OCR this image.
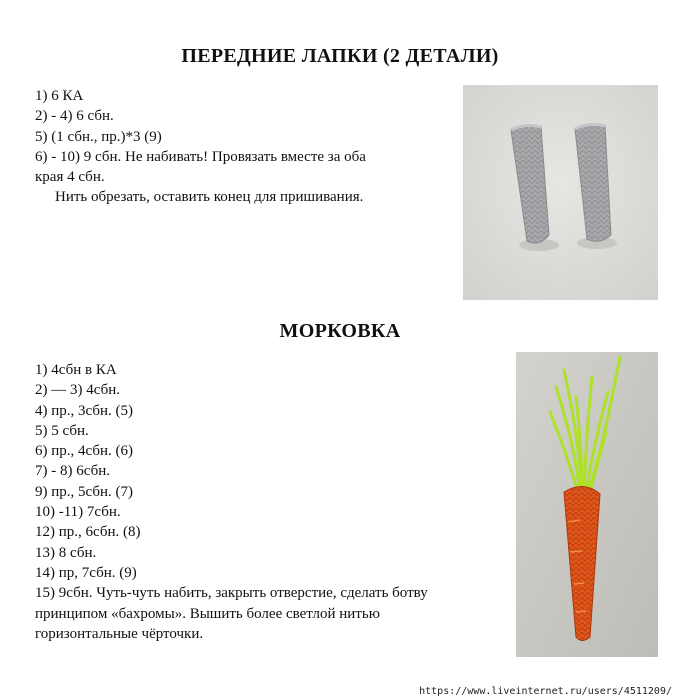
ПЕРЕДНИЕ ЛАПКИ (2 ДЕТАЛИ)
1) 6 КА
2) - 4) 6 сбн.
5) (1 сбн., пр.)*3 (9)
6) - 10) 9 сбн. Не набивать! Провязать вместе за оба
края 4 сбн.
Нить обрезать, оставить конец для пришивания.
МОРКОВКА
1) 4сбн в КА
2) — 3) 4сбн.
4) пр., 3сбн. (5)
5) 5 сбн.
6) пр., 4сбн. (6)
7) - 8) 6сбн.
9) пр., 5сбн. (7)
10) -11) 7сбн.
12) пр., 6сбн. (8)
13) 8 сбн.
14) пр, 7сбн. (9)
15) 9сбн. Чуть-чуть набить, закрыть отверстие, сделать ботву
принципом «бахромы». Вышить более светлой нитью
горизонтальные чёрточки.
https://www.liveinternet.ru/users/4511209/
